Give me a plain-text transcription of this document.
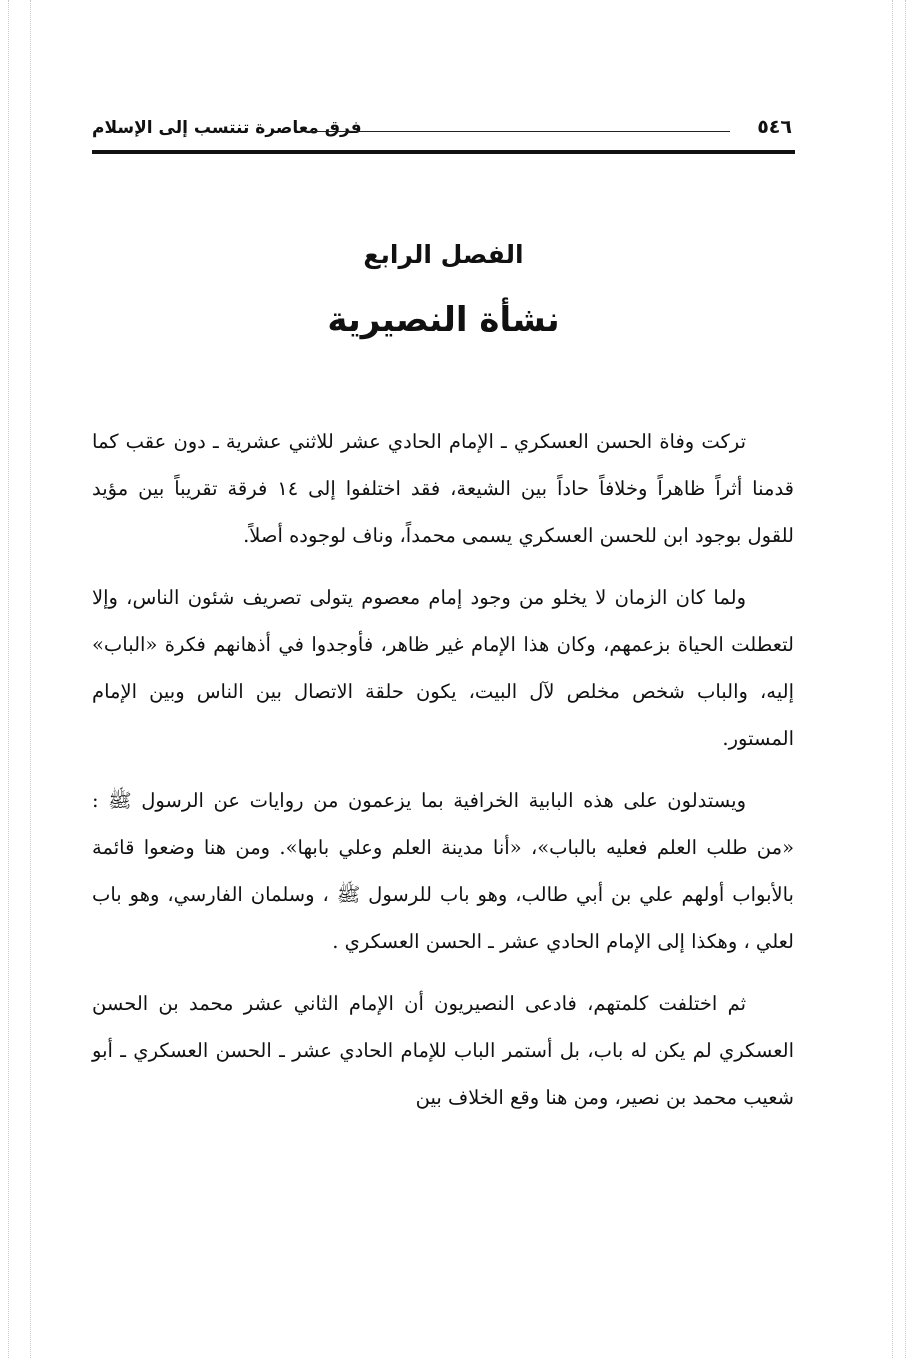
فرق معاصرة تنتسب إلى الإسلام	٥٤٦
الفصل الرابع
نشأة النصيرية

تركت وفاة الحسن العسكري ـ الإمام الحادي عشر للاثني عشرية ـ دون عقب كما قدمنا أثراً ظاهراً وخلافاً حاداً بين الشيعة، فقد اختلفوا إلى ١٤ فرقة تقريباً بين مؤيد للقول بوجود ابن للحسن العسكري يسمى محمداً، وناف لوجوده أصلاً.

ولما كان الزمان لا يخلو من وجود إمام معصوم يتولى تصريف شئون الناس، وإلا لتعطلت الحياة بزعمهم، وكان هذا الإمام غير ظاهر، فأوجدوا في أذهانهم فكرة «الباب» إليه، والباب شخص مخلص لآل البيت، يكون حلقة الاتصال بين الناس وبين الإمام المستور.

ويستدلون على هذه البابية الخرافية بما يزعمون من روايات عن الرسول ﷺ : «من طلب العلم فعليه بالباب»، «أنا مدينة العلم وعلي بابها». ومن هنا وضعوا قائمة بالأبواب أولهم علي بن أبي طالب، وهو باب للرسول ﷺ ، وسلمان الفارسي، وهو باب لعلي ، وهكذا إلى الإمام الحادي عشر ـ الحسن العسكري .

ثم اختلفت كلمتهم، فادعى النصيريون أن الإمام الثاني عشر محمد بن الحسن العسكري لم يكن له باب، بل أستمر الباب للإمام الحادي عشر ـ الحسن العسكري ـ أبو شعيب محمد بن نصير، ومن هنا وقع الخلاف بين
